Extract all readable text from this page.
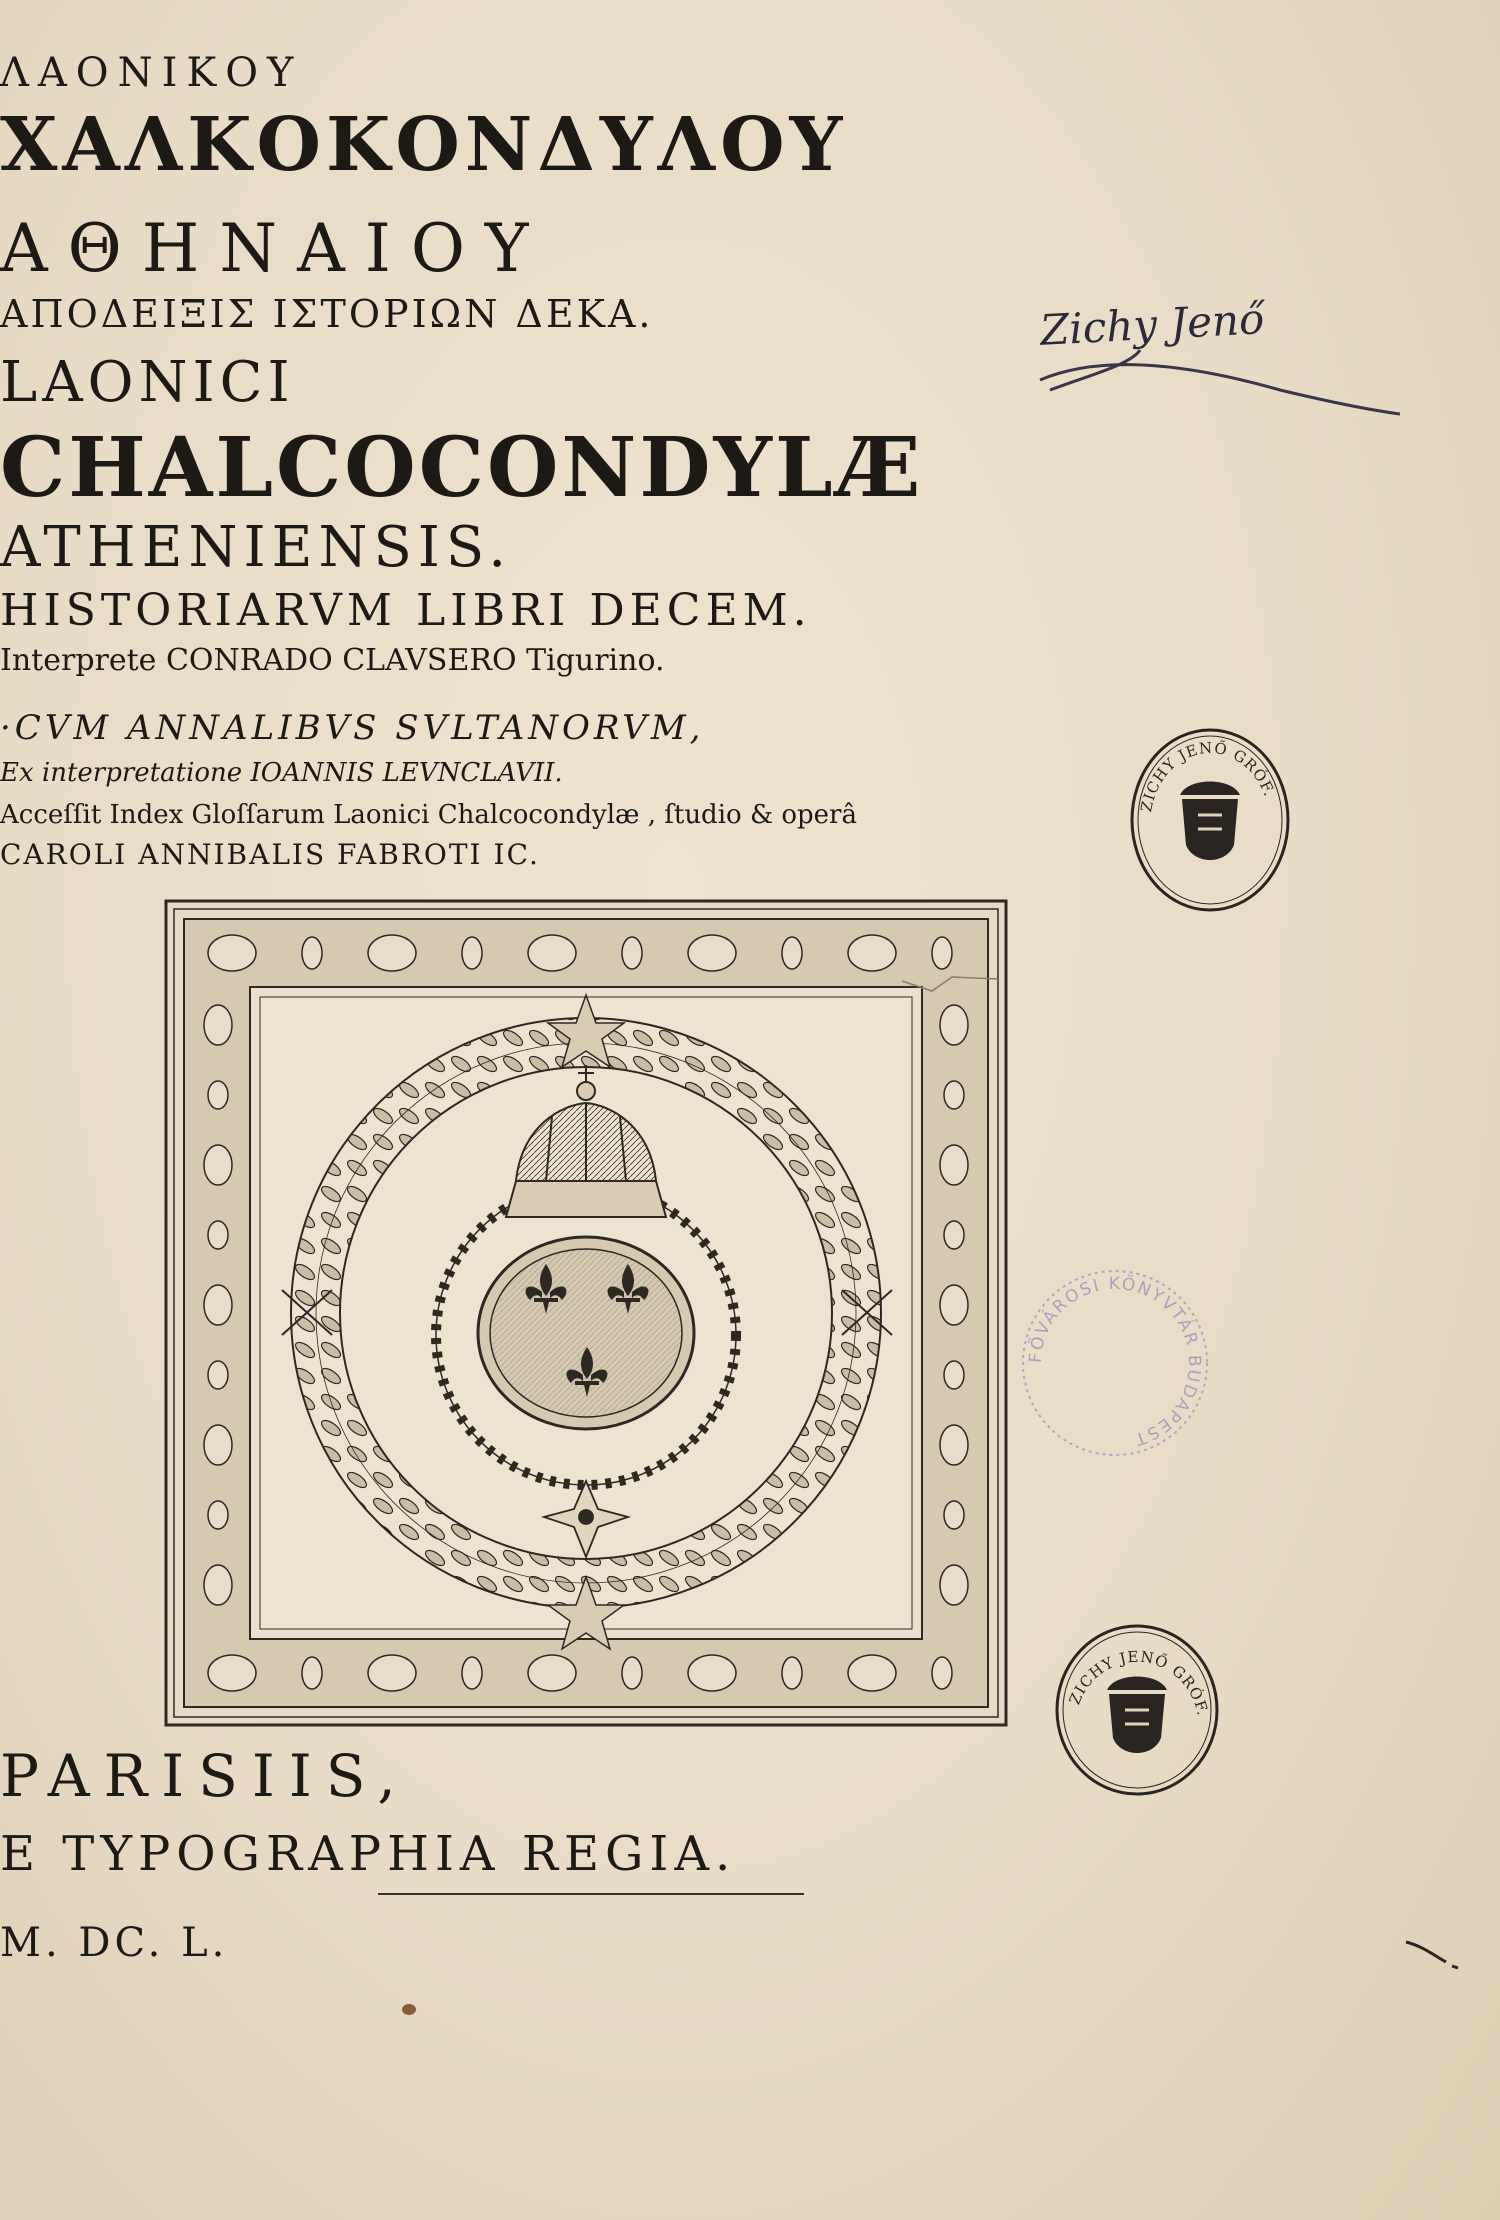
ΛΑΟΝΙΚΟΥ
ΧΑΛΚΟΚΟΝΔΥΛΟΥ
ΑΘΗΝΑΙΟΥ
ΑΠΟΔΕΙΞΙΣ ΙΣΤΟΡΙΩΝ ΔΕΚΑ.
LAONICI
CHALCOCONDYLÆ
ATHENIENSIS.
HISTORIARVM LIBRI DECEM.
Interprete CONRADO CLAVSERO Tigurino.
·CVM ANNALIBVS SVLTANORVM,
Ex interpretatione IOANNIS LEVNCLAVII.
Acceſſit Index Gloſſarum Laonici Chalcocondylæ , ſtudio & operâ
CAROLI ANNIBALIS FABROTI IC.
Zichy Jenő
PARISIIS,
E TYPOGRAPHIA REGIA.
M. DC. L.
ZICHY JENŐ GRÓF.
ZICHY JENŐ GRÓF.
FŐVÁROSI KÖNYVTÁR BUDAPEST
